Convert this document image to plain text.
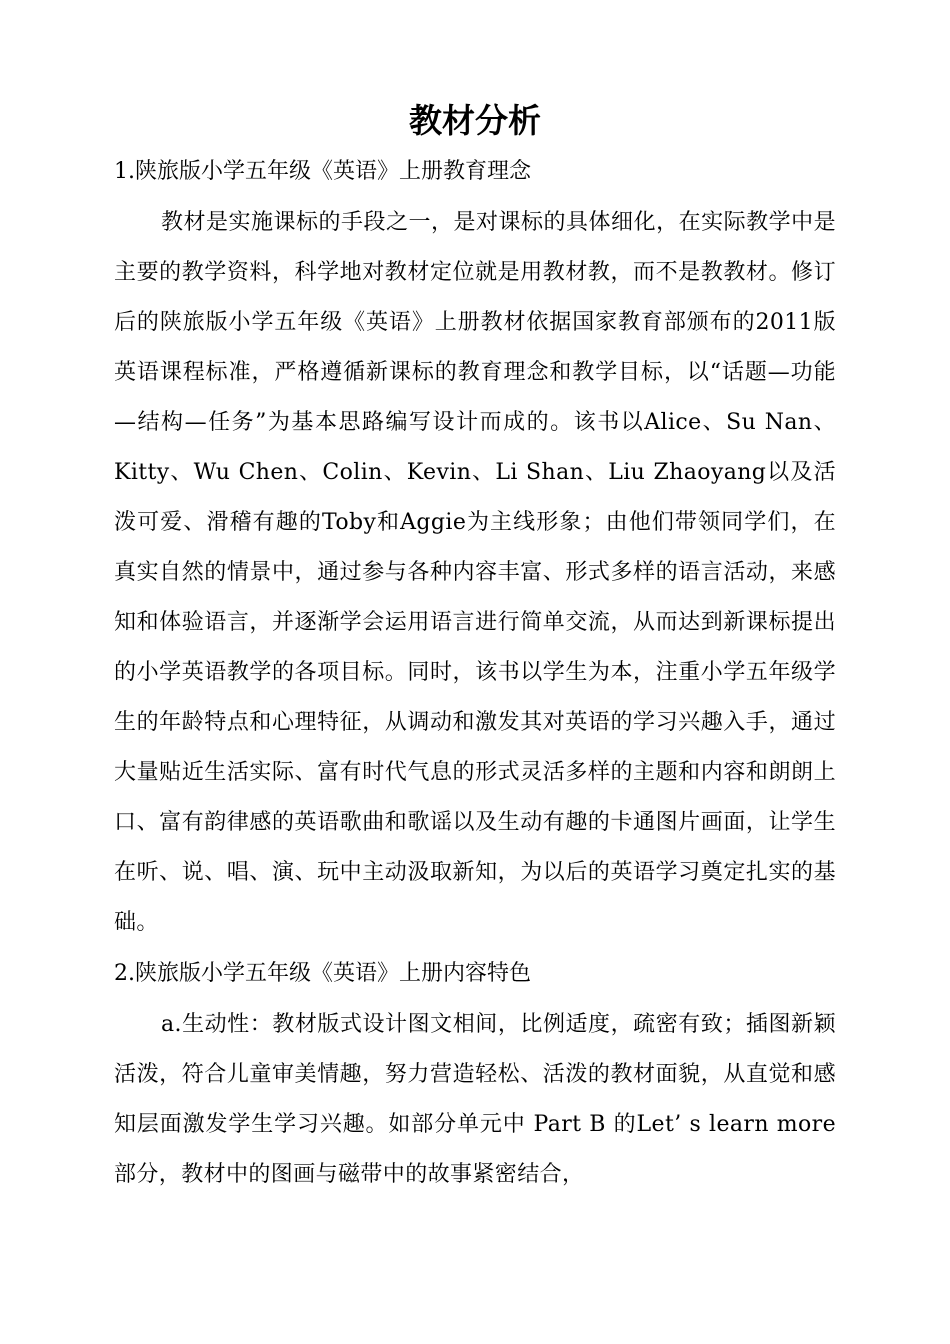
教材分析
1.陕旅版小学五年级《英语》上册教育理念
教材是实施课标的手段之一，是对课标的具体细化，在实际教学中是主要的教学资料，科学地对教材定位就是用教材教，而不是教教材。修订后的陕旅版小学五年级《英语》上册教材依据国家教育部颁布的2011版英语课程标准，严格遵循新课标的教育理念和教学目标，以“话题—功能—结构—任务”为基本思路编写设计而成的。该书以Alice、Su Nan、Kitty、Wu Chen、Colin、Kevin、Li Shan、Liu Zhaoyang以及活泼可爱、滑稽有趣的Toby和Aggie为主线形象；由他们带领同学们，在真实自然的情景中，通过参与各种内容丰富、形式多样的语言活动，来感知和体验语言，并逐渐学会运用语言进行简单交流，从而达到新课标提出的小学英语教学的各项目标。同时，该书以学生为本，注重小学五年级学生的年龄特点和心理特征，从调动和激发其对英语的学习兴趣入手，通过大量贴近生活实际、富有时代气息的形式灵活多样的主题和内容和朗朗上口、富有韵律感的英语歌曲和歌谣以及生动有趣的卡通图片画面，让学生在听、说、唱、演、玩中主动汲取新知，为以后的英语学习奠定扎实的基础。
2.陕旅版小学五年级《英语》上册内容特色
a.生动性：教材版式设计图文相间，比例适度，疏密有致；插图新颖活泼，符合儿童审美情趣，努力营造轻松、活泼的教材面貌，从直觉和感知层面激发学生学习兴趣。如部分单元中 Part B 的Let’ s learn more 部分，教材中的图画与磁带中的故事紧密结合，
